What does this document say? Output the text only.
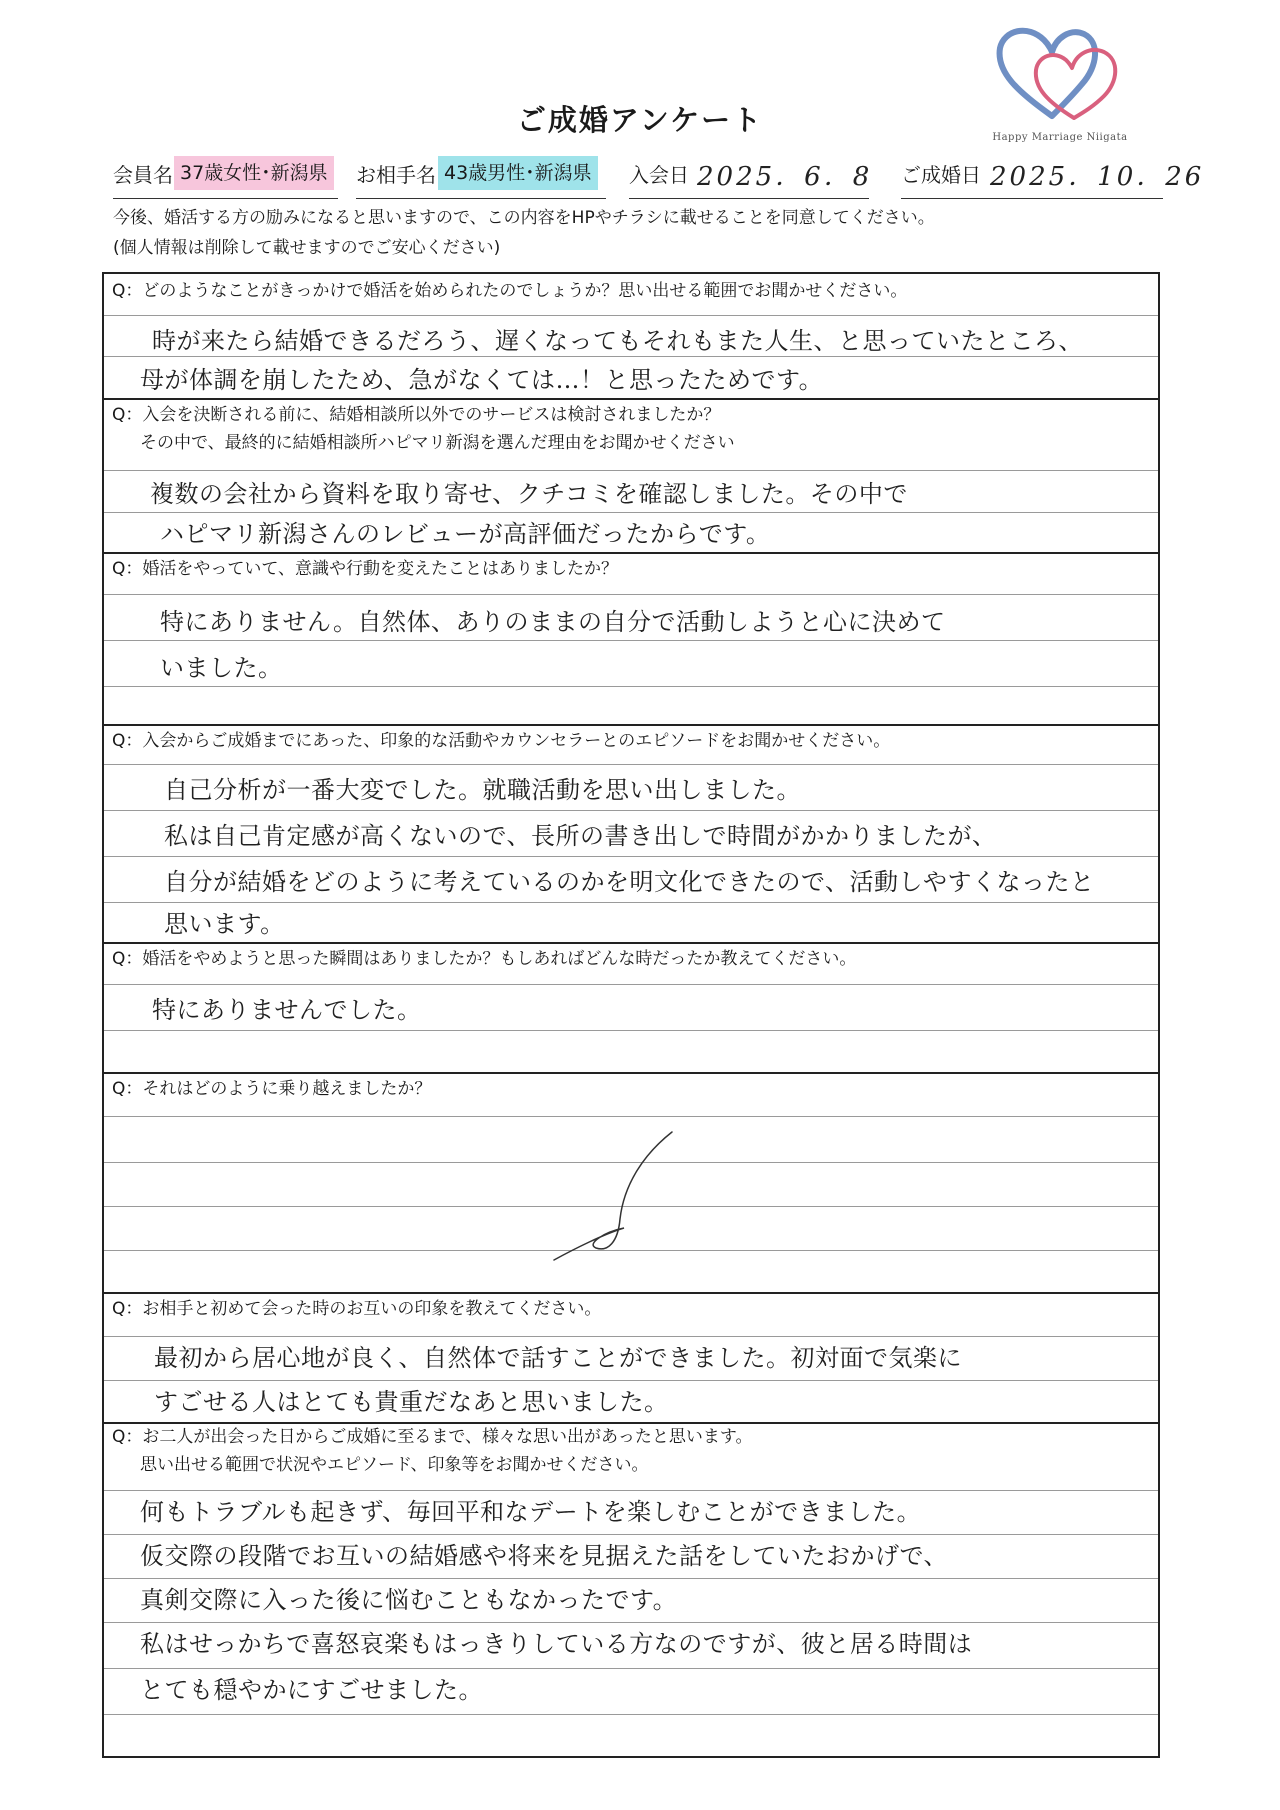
Happy Marriage Niigata
ご成婚アンケート
会員名 37歳女性･新潟県	お相手名 43歳男性･新潟県	入会日 2025．6．8 ご成婚日 2025．10．26
今後、婚活する方の励みになると思いますので、この内容をHPやチラシに載せることを同意してください。
(個人情報は削除して載せますのでご安心ください)
Q：どのようなことがきっかけで婚活を始められたのでしょうか？思い出せる範囲でお聞かせください。
時が来たら結婚できるだろう、遅くなってもそれもまた人生、と思っていたところ、
母が体調を崩したため、急がなくては…！と思ったためです。
Q：入会を決断される前に、結婚相談所以外でのサービスは検討されましたか？
その中で、最終的に結婚相談所ハピマリ新潟を選んだ理由をお聞かせください
複数の会社から資料を取り寄せ、クチコミを確認しました。その中で
ハピマリ新潟さんのレビューが高評価だったからです。
Q：婚活をやっていて、意識や行動を変えたことはありましたか？
特にありません。自然体、ありのままの自分で活動しようと心に決めて
いました。
Q：入会からご成婚までにあった、印象的な活動やカウンセラーとのエピソードをお聞かせください。
自己分析が一番大変でした。就職活動を思い出しました。
私は自己肯定感が高くないので、長所の書き出しで時間がかかりましたが、
自分が結婚をどのように考えているのかを明文化できたので、活動しやすくなったと
思います。
Q：婚活をやめようと思った瞬間はありましたか？もしあればどんな時だったか教えてください。
特にありませんでした。
Q：それはどのように乗り越えましたか？
Q：お相手と初めて会った時のお互いの印象を教えてください。
最初から居心地が良く、自然体で話すことができました。初対面で気楽に
すごせる人はとても貴重だなあと思いました。
Q：お二人が出会った日からご成婚に至るまで、様々な思い出があったと思います。
思い出せる範囲で状況やエピソード、印象等をお聞かせください。
何もトラブルも起きず、毎回平和なデートを楽しむことができました。
仮交際の段階でお互いの結婚感や将来を見据えた話をしていたおかげで、
真剣交際に入った後に悩むこともなかったです。
私はせっかちで喜怒哀楽もはっきりしている方なのですが、彼と居る時間は
とても穏やかにすごせました。
